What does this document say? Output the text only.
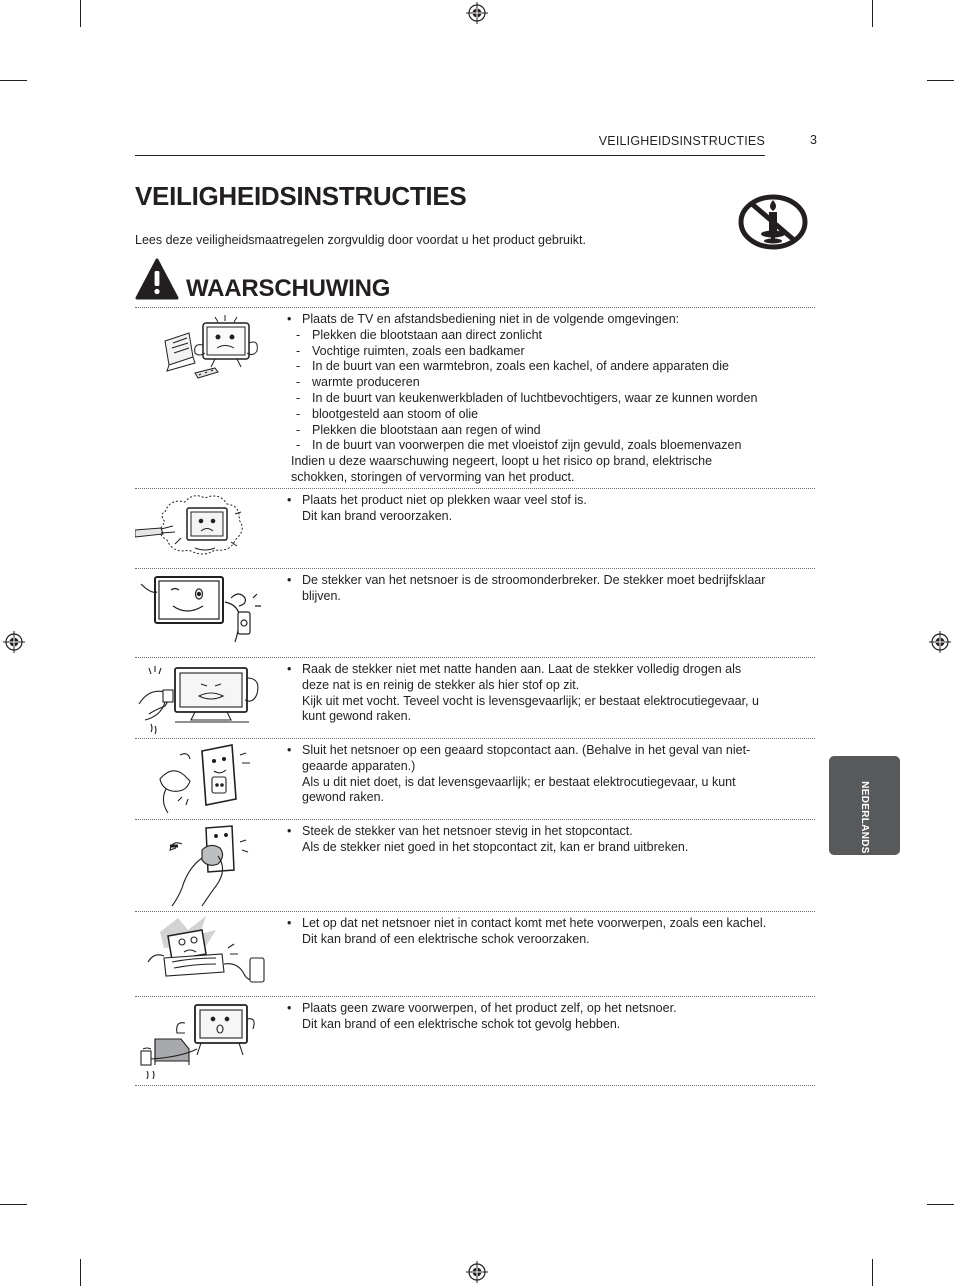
VEILIGHEIDSINSTRUCTIES	3
VEILIGHEIDSINSTRUCTIES

Lees deze veiligheidsmaatregelen zorgvuldig door voordat u het product gebruikt.

WAARSCHUWING
• Plaats de TV en afstandsbediening niet in de volgende omgevingen:
- Plekken die blootstaan aan direct zonlicht
- Vochtige ruimten, zoals een badkamer
- In de buurt van een warmtebron, zoals een kachel, of andere apparaten die
- warmte produceren
- In de buurt van keukenwerkbladen of luchtbevochtigers, waar ze kunnen worden
- blootgesteld aan stoom of olie
- Plekken die blootstaan aan regen of wind
- In de buurt van voorwerpen die met vloeistof zijn gevuld, zoals bloemenvazen
Indien u deze waarschuwing negeert, loopt u het risico op brand, elektrische
schokken, storingen of vervorming van het product.
• Plaats het product niet op plekken waar veel stof is.
Dit kan brand veroorzaken.
• De stekker van het netsnoer is de stroomonderbreker. De stekker moet bedrijfsklaar
blijven.
• Raak de stekker niet met natte handen aan. Laat de stekker volledig drogen als
deze nat is en reinig de stekker als hier stof op zit.
Kijk uit met vocht. Teveel vocht is levensgevaarlijk; er bestaat elektrocutiegevaar, u
kunt gewond raken.
• Sluit het netsnoer op een geaard stopcontact aan. (Behalve in het geval van niet-
geaarde apparaten.)
Als u dit niet doet, is dat levensgevaarlijk; er bestaat elektrocutiegevaar, u kunt
gewond raken.
• Steek de stekker van het netsnoer stevig in het stopcontact.
Als de stekker niet goed in het stopcontact zit, kan er brand uitbreken.
• Let op dat net netsnoer niet in contact komt met hete voorwerpen, zoals een kachel.
Dit kan brand of een elektrische schok veroorzaken.
• Plaats geen zware voorwerpen, of het product zelf, op het netsnoer.
Dit kan brand of een elektrische schok tot gevolg hebben.
NEDERLANDS
